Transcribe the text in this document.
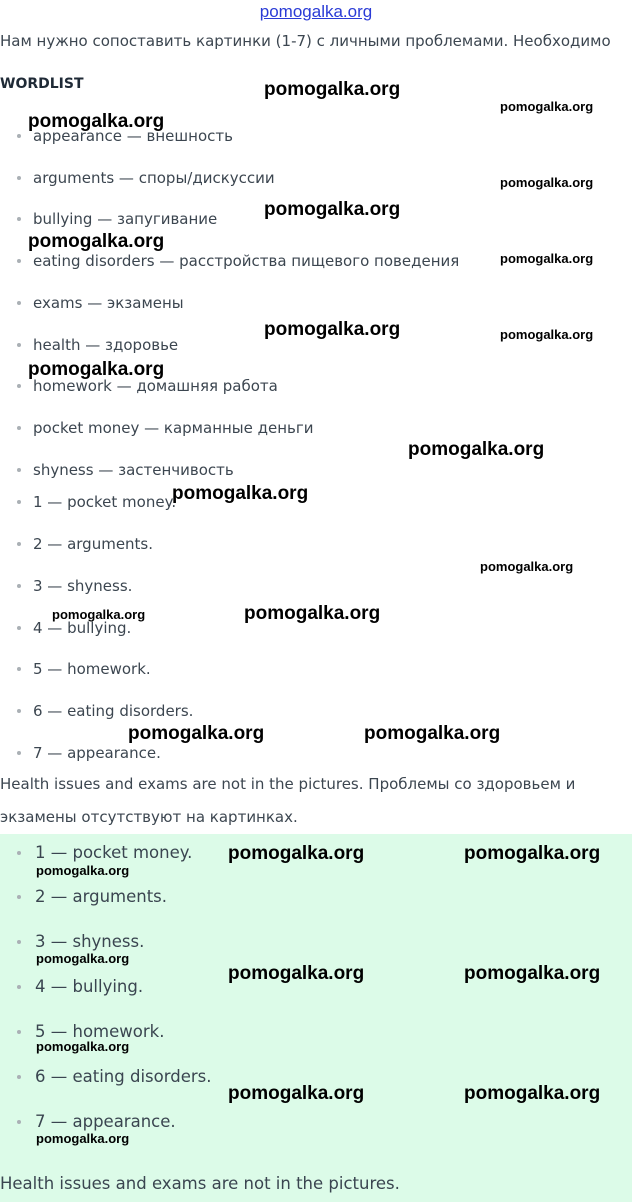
pomogalka.org
Нам нужно сопоставить картинки (1-7) с личными проблемами. Необходимо
WORDLIST
appearance — внешность
arguments — споры/дискуссии
bullying — запугивание
eating disorders — расстройства пищевого поведения
exams — экзамены
health — здоровье
homework — домашняя работа
pocket money — карманные деньги
shyness — застенчивость
1 — pocket money.
2 — arguments.
3 — shyness.
4 — bullying.
5 — homework.
6 — eating disorders.
7 — appearance.
Health issues and exams are not in the pictures. Проблемы со здоровьем и
экзамены отсутствуют на картинках.
1 — pocket money.
2 — arguments.
3 — shyness.
4 — bullying.
5 — homework.
6 — eating disorders.
7 — appearance.
Health issues and exams are not in the pictures.
pomogalka.org
pomogalka.org
pomogalka.org
pomogalka.org
pomogalka.org
pomogalka.org
pomogalka.org
pomogalka.org	pomogalka.org
pomogalka.org
pomogalka.org
pomogalka.org
pomogalka.org
pomogalka.org	pomogalka.org
pomogalka.org	pomogalka.org
pomogalka.org	pomogalka.org
pomogalka.org
pomogalka.org
pomogalka.org	pomogalka.org
pomogalka.org
pomogalka.org	pomogalka.org
pomogalka.org
